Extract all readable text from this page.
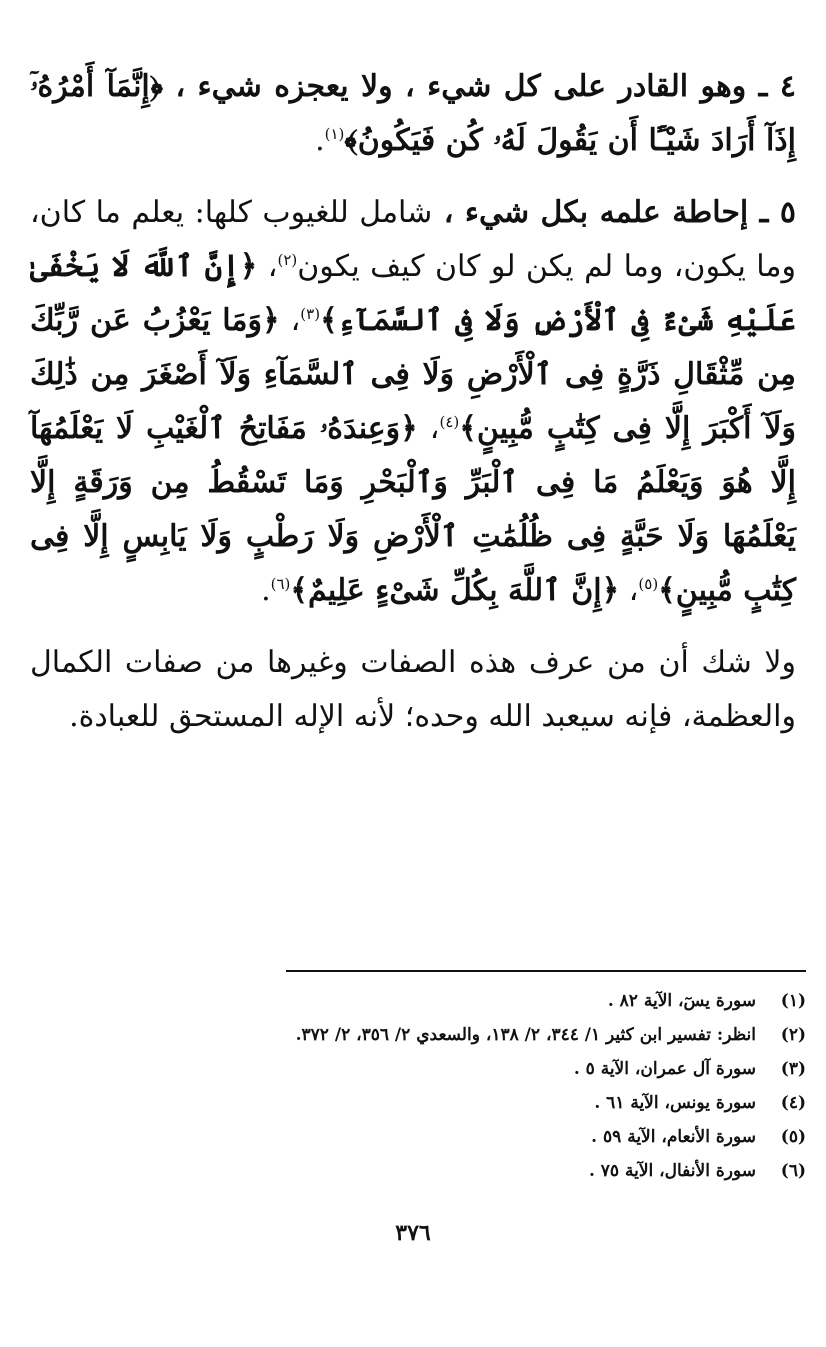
٤ ـ وهو القادر على كل شيء ، ولا يعجزه شيء ، ﴿إِنَّمَآ أَمْرُهُۥٓ إِذَآ أَرَادَ شَيْـًٔا أَن يَقُولَ لَهُۥ كُن فَيَكُونُ﴾$^{(١)}$.

٥ ـ إحاطة علمه بكل شيء ، شامل للغيوب كلها: يعلم ما كان، وما يكون، وما لم يكن لو كان كيف يكون$^{(٢)}$، ﴿إِنَّ ٱللَّهَ لَا يَخْفَىٰ عَلَيْهِ شَىْءٌ فِى ٱلْأَرْضِ وَلَا فِى ٱلسَّمَآءِ﴾$^{(٣)}$، ﴿وَمَا يَعْزُبُ عَن رَّبِّكَ مِن مِّثْقَالِ ذَرَّةٍ فِى ٱلْأَرْضِ وَلَا فِى ٱلسَّمَآءِ وَلَآ أَصْغَرَ مِن ذَٰلِكَ وَلَآ أَكْبَرَ إِلَّا فِى كِتَٰبٍ مُّبِينٍ﴾$^{(٤)}$، ﴿وَعِندَهُۥ مَفَاتِحُ ٱلْغَيْبِ لَا يَعْلَمُهَآ إِلَّا هُوَ وَيَعْلَمُ مَا فِى ٱلْبَرِّ وَٱلْبَحْرِ وَمَا تَسْقُطُ مِن وَرَقَةٍ إِلَّا يَعْلَمُهَا وَلَا حَبَّةٍ فِى ظُلُمَٰتِ ٱلْأَرْضِ وَلَا رَطْبٍ وَلَا يَابِسٍ إِلَّا فِى كِتَٰبٍ مُّبِينٍ﴾$^{(٥)}$، ﴿إِنَّ ٱللَّهَ بِكُلِّ شَىْءٍ عَلِيمٌ﴾$^{(٦)}$.

ولا شك أن من عرف هذه الصفات وغيرها من صفات الكمال والعظمة، فإنه سيعبد الله وحده؛ لأنه الإله المستحق للعبادة.

(١)
سورة يسٓ، الآية ٨٢ .
(٢)
انظر: تفسير ابن كثير ١/ ٣٤٤، ٢/ ١٣٨، والسعدي ٢/ ٣٥٦، ٢/ ٣٧٢.
(٣)
سورة آل عمران، الآية ٥ .
(٤)
سورة يونس، الآية ٦١ .
(٥)
سورة الأنعام، الآية ٥٩ .
(٦)
سورة الأنفال، الآية ٧٥ .
٣٧٦
